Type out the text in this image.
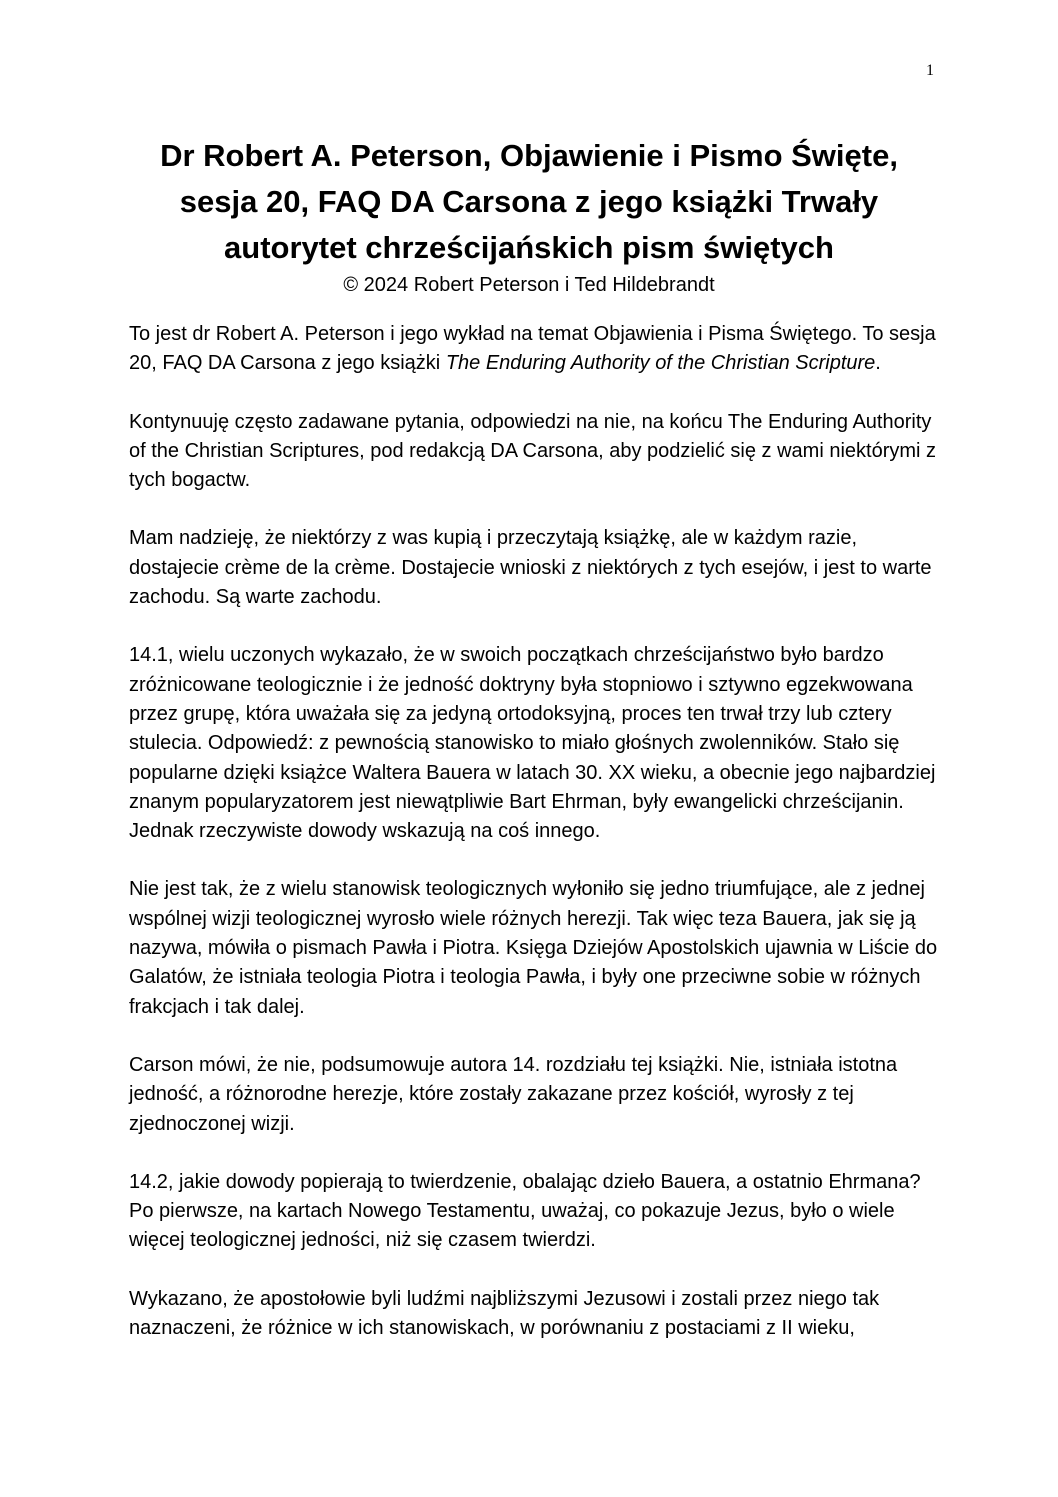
1
Dr Robert A. Peterson, Objawienie i Pismo Święte,
sesja 20, FAQ DA Carsona z jego książki Trwały
autorytet chrześcijańskich pism świętych

© 2024 Robert Peterson i Ted Hildebrandt

To jest dr Robert A. Peterson i jego wykład na temat Objawienia i Pisma Świętego. To sesja 20, FAQ DA Carsona z jego książki The Enduring Authority of the Christian Scripture.

Kontynuuję często zadawane pytania, odpowiedzi na nie, na końcu The Enduring Authority of the Christian Scriptures, pod redakcją DA Carsona, aby podzielić się z wami niektórymi z tych bogactw.

Mam nadzieję, że niektórzy z was kupią i przeczytają książkę, ale w każdym razie, dostajecie crème de la crème. Dostajecie wnioski z niektórych z tych esejów, i jest to warte zachodu. Są warte zachodu.

14.1, wielu uczonych wykazało, że w swoich początkach chrześcijaństwo było bardzo zróżnicowane teologicznie i że jedność doktryny była stopniowo i sztywno egzekwowana przez grupę, która uważała się za jedyną ortodoksyjną, proces ten trwał trzy lub cztery stulecia. Odpowiedź: z pewnością stanowisko to miało głośnych zwolenników. Stało się popularne dzięki książce Waltera Bauera w latach 30. XX wieku, a obecnie jego najbardziej znanym popularyzatorem jest niewątpliwie Bart Ehrman, były ewangelicki chrześcijanin. Jednak rzeczywiste dowody wskazują na coś innego.

Nie jest tak, że z wielu stanowisk teologicznych wyłoniło się jedno triumfujące, ale z jednej wspólnej wizji teologicznej wyrosło wiele różnych herezji. Tak więc teza Bauera, jak się ją nazywa, mówiła o pismach Pawła i Piotra. Księga Dziejów Apostolskich ujawnia w Liście do Galatów, że istniała teologia Piotra i teologia Pawła, i były one przeciwne sobie w różnych frakcjach i tak dalej.

Carson mówi, że nie, podsumowuje autora 14. rozdziału tej książki. Nie, istniała istotna jedność, a różnorodne herezje, które zostały zakazane przez kościół, wyrosły z tej zjednoczonej wizji.

14.2, jakie dowody popierają to twierdzenie, obalając dzieło Bauera, a ostatnio Ehrmana? Po pierwsze, na kartach Nowego Testamentu, uważaj, co pokazuje Jezus, było o wiele więcej teologicznej jedności, niż się czasem twierdzi.

Wykazano, że apostołowie byli ludźmi najbliższymi Jezusowi i zostali przez niego tak naznaczeni, że różnice w ich stanowiskach, w porównaniu z postaciami z II wieku,
